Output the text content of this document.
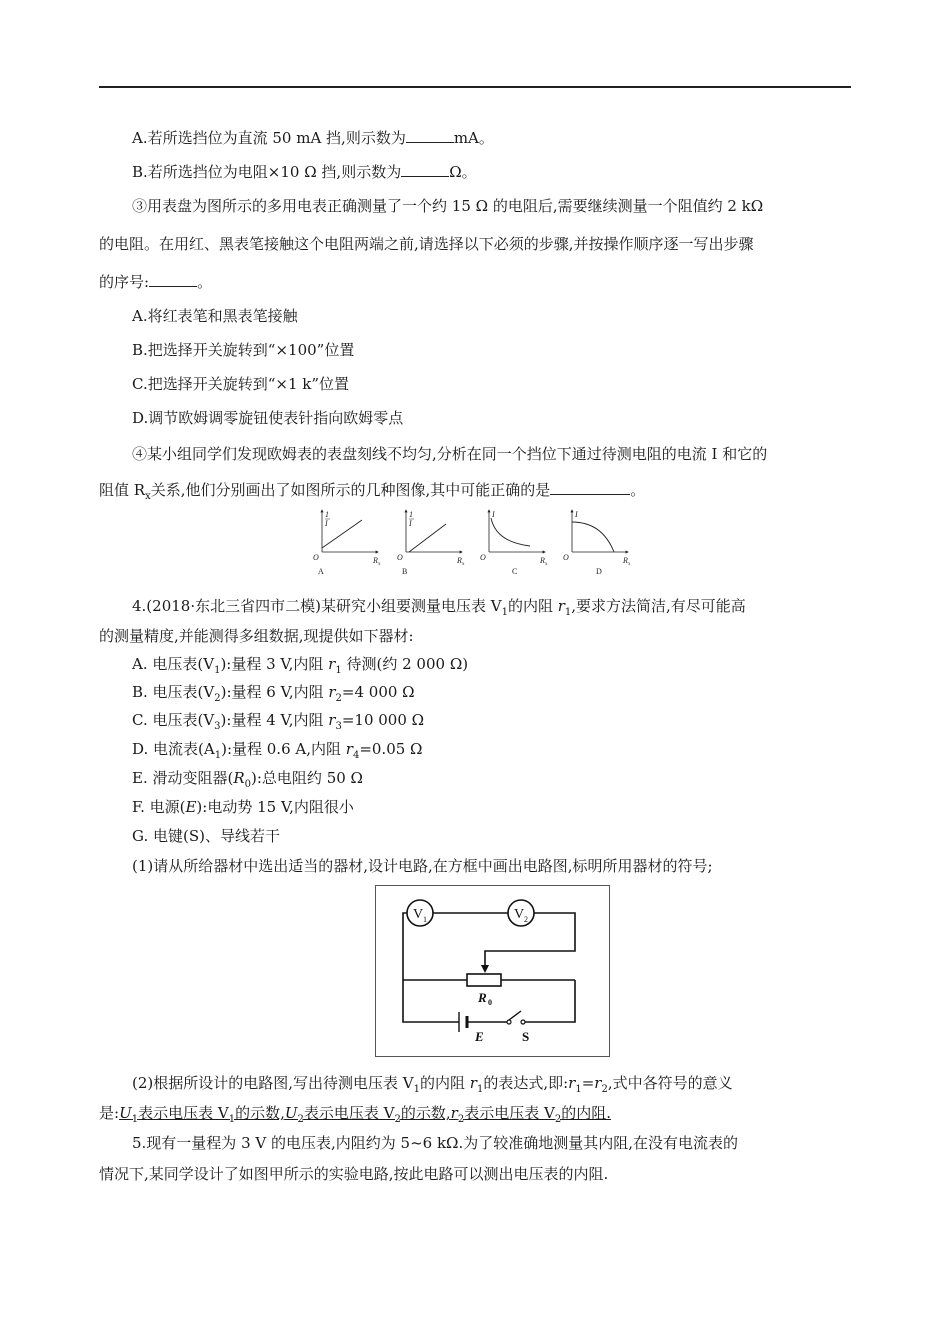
A.若所选挡位为直流 50 mA 挡,则示数为	mA。
B.若所选挡位为电阻×10 Ω 挡,则示数为	Ω。
③用表盘为图所示的多用电表正确测量了一个约 15 Ω 的电阻后,需要继续测量一个阻值约 2 kΩ
的电阻。在用红、黑表笔接触这个电阻两端之前,请选择以下必须的步骤,并按操作顺序逐一写出步骤
的序号:	。
A.将红表笔和黑表笔接触
B.把选择开关旋转到“×100”位置
C.把选择开关旋转到“×1 k”位置
D.调节欧姆调零旋钮使表针指向欧姆零点
④某小组同学们发现欧姆表的表盘刻线不均匀,分析在同一个挡位下通过待测电阻的电流 I 和它的
阻值 $R_x$关系,他们分别画出了如图所示的几种图像,其中可能正确的是	。
1
I
O	R x
A
1
I
O	R x
B
I
O	R x
C
I
O	R x
D
4.(2018·东北三省四市二模)某研究小组要测量电压表 $V_1$的内阻 $r_1$,要求方法简洁,有尽可能高
的测量精度,并能测得多组数据,现提供如下器材:
A. 电压表$(V_1)$:量程 3 V,内阻 $r_1$ 待测(约 2 000 Ω)
B. 电压表$(V_2)$:量程 6 V,内阻 $r_2=4$ 000 Ω
C. 电压表$(V_3)$:量程 4 V,内阻 $r_3=10$ 000 Ω
D. 电流表$(A_1)$:量程 0.6 A,内阻 $r_4=0.05$ Ω
E. 滑动变阻器$(R_0)$:总电阻约 50 Ω
F. 电源(E):电动势 15 V,内阻很小
G. 电键(S)、导线若干
(1)请从所给器材中选出适当的器材,设计电路,在方框中画出电路图,标明所用器材的符号;
V 1	V 2
R 0
E	S
(2)根据所设计的电路图,写出待测电压表 $V_1$的内阻 $r_1$的表达式,即$:r_1=r_2$,式中各符号的意义
是$:U_1$表示电压表 $V_1$的示数$,U_2$表示电压表 $V_2$的示数$,r_2$表示电压表 $V_2$的内阻.
5.现有一量程为 3 V 的电压表,内阻约为 5~6 kΩ.为了较准确地测量其内阻,在没有电流表的
情况下,某同学设计了如图甲所示的实验电路,按此电路可以测出电压表的内阻.
